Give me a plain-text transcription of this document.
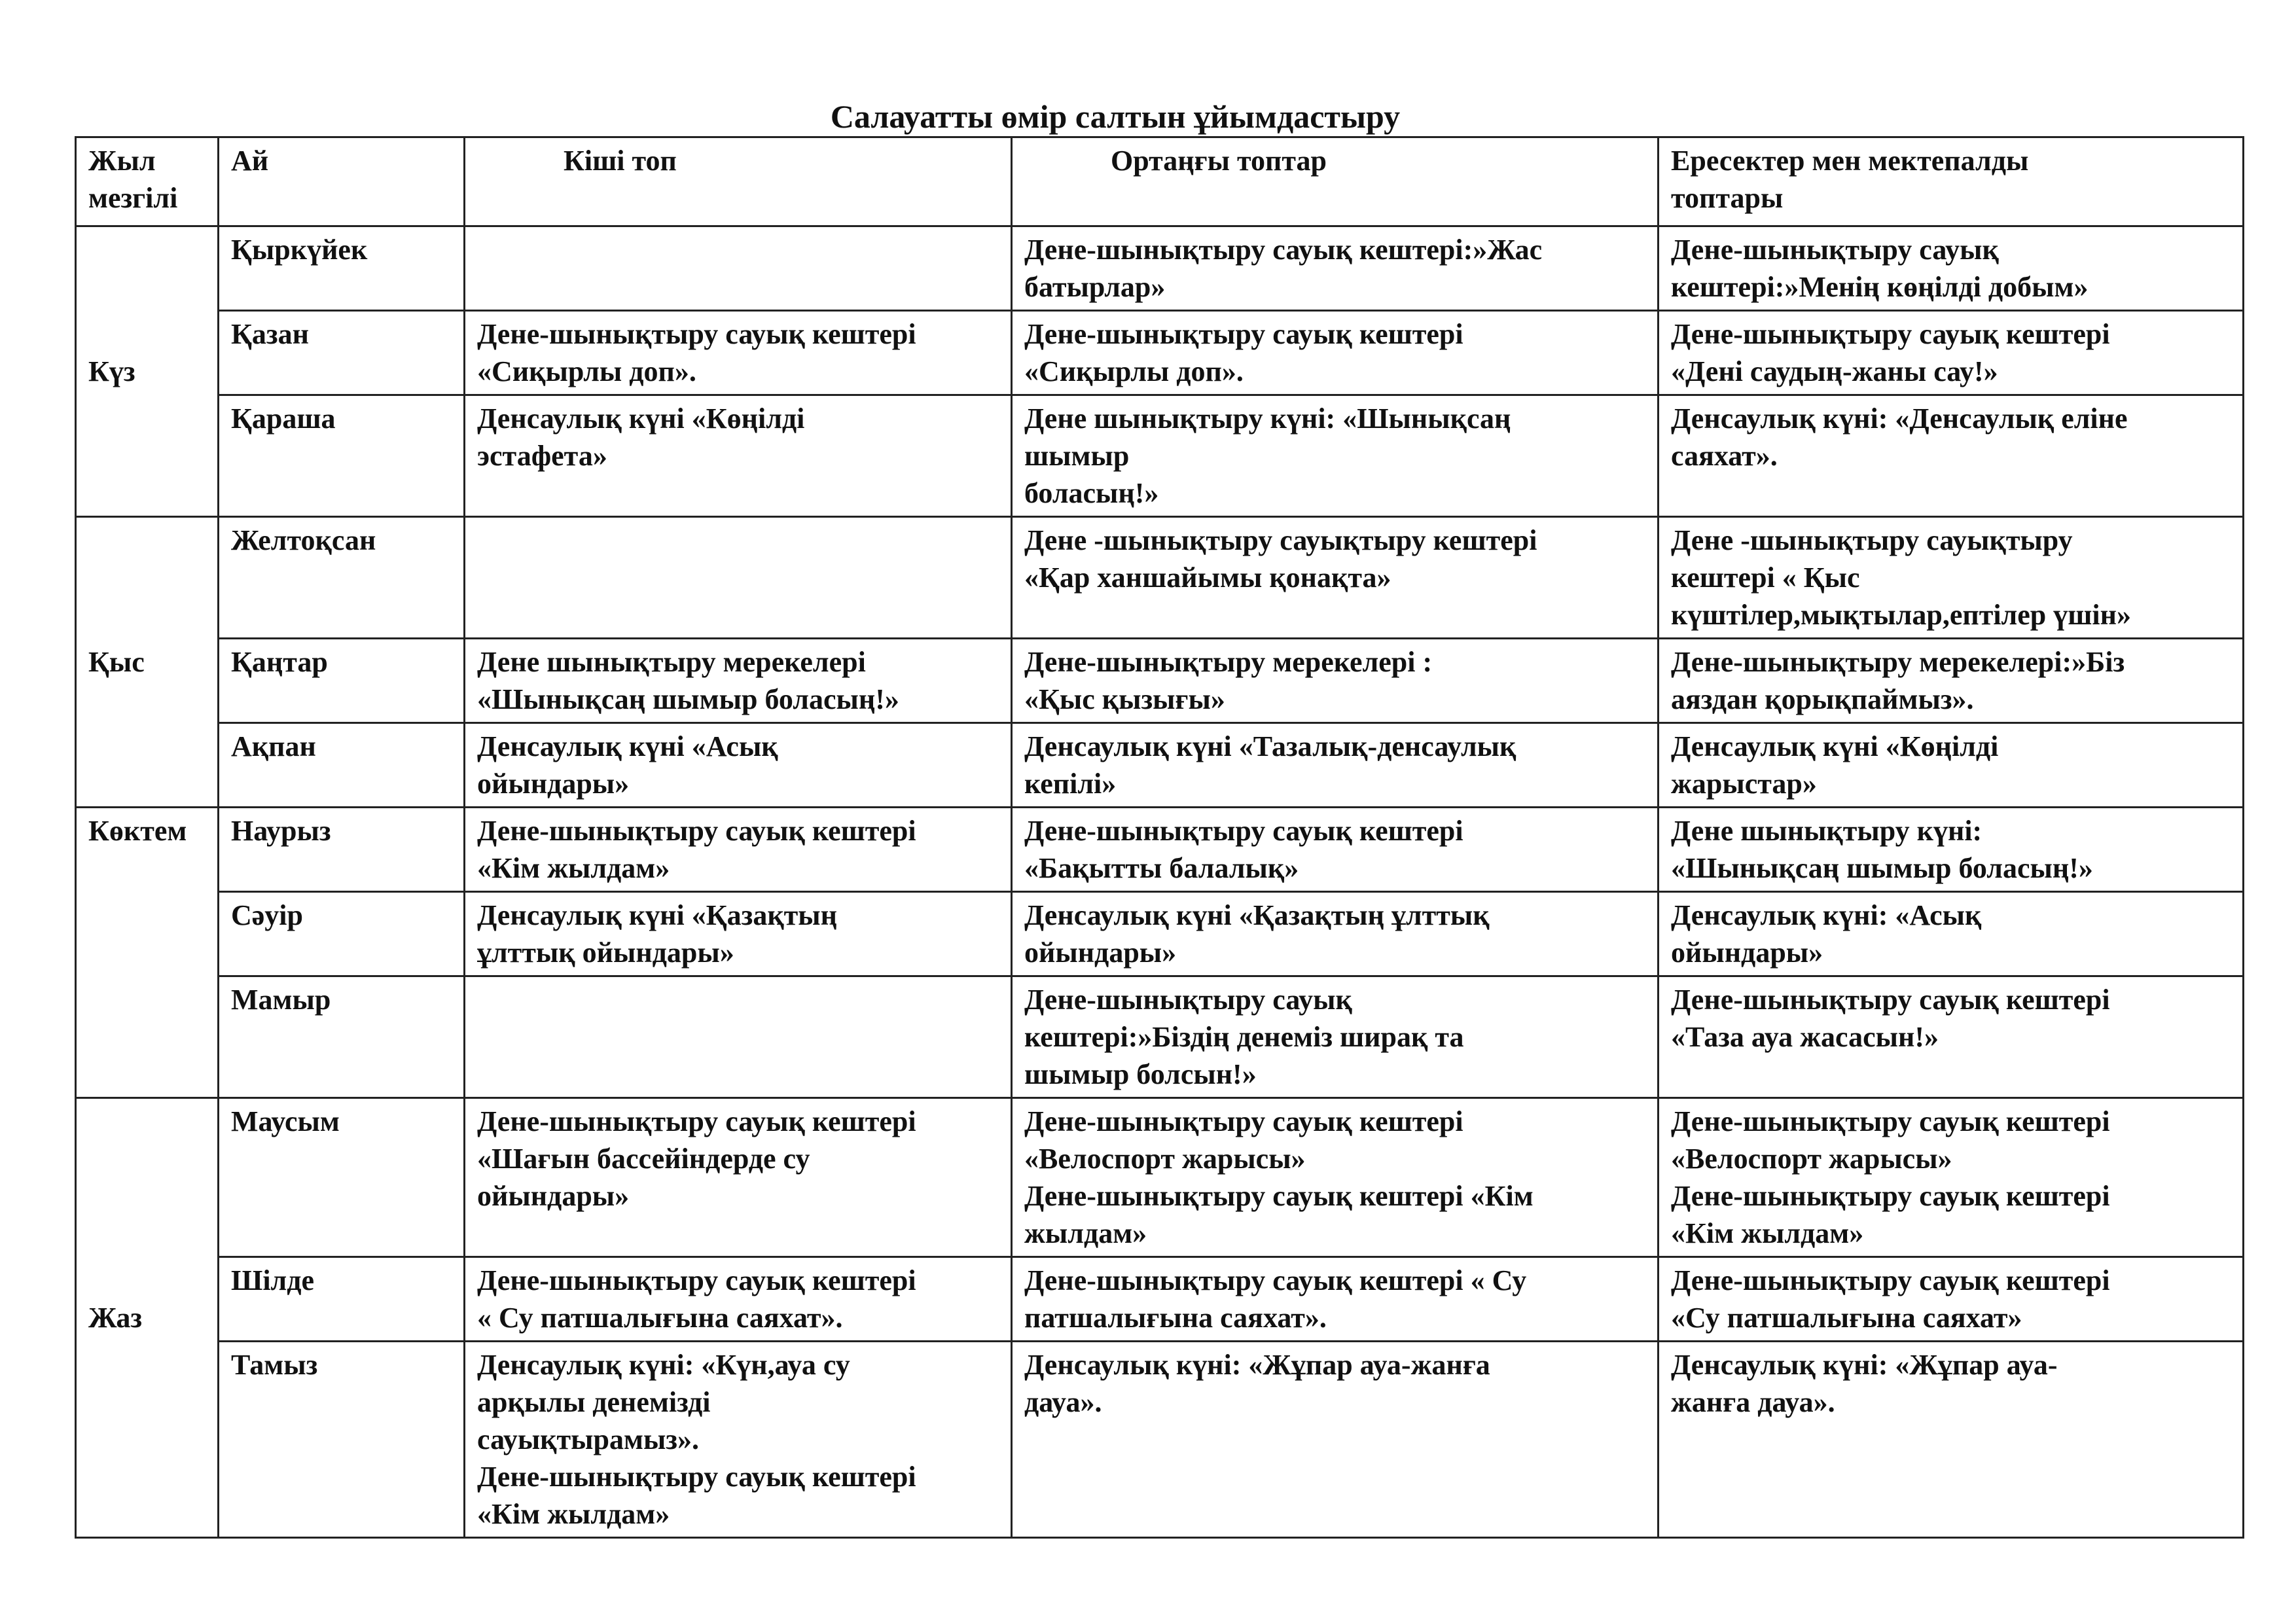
Салауатты өмір салтын ұйымдастыру
Жыл
мезгілі	Ай	Кіші топ	Ортаңғы топтар	Ересектер мен мектепалды
топтары

Күз	Қыркүйек		Дене-шынықтыру сауық кештері:»Жас
батырлар»	Дене-шынықтыру сауық
кештері:»Менің көңілді добым»

	Қазан	Дене-шынықтыру сауық кештері
«Сиқырлы доп».	Дене-шынықтыру сауық кештері
«Сиқырлы доп».	Дене-шынықтыру сауық кештері
«Дені саудың-жаны сау!»

	Қараша	Денсаулық күні «Көңілді
эстафета»	Дене шынықтыру күні: «Шынықсаң
шымыр
боласың!»	Денсаулық күні: «Денсаулық еліне
саяхат».

Қыс	Желтоқсан		Дене -шынықтыру сауықтыру кештері
«Қар ханшайымы қонақта»	Дене -шынықтыру сауықтыру
кештері « Қыс
күштілер,мықтылар,ептілер үшін»

	Қаңтар	Дене шынықтыру мерекелері
«Шынықсаң шымыр боласың!»	Дене-шынықтыру мерекелері :
«Қыс қызығы»	Дене-шынықтыру мерекелері:»Біз
аяздан қорықпаймыз».

	Ақпан	Денсаулық күні «Асық
ойындары»	Денсаулық күні «Тазалық-денсаулық
кепілі»	Денсаулық күні «Көңілді
жарыстар»

Көктем	Наурыз	Дене-шынықтыру сауық кештері
«Кім жылдам»	Дене-шынықтыру сауық кештері
«Бақытты балалық»	Дене шынықтыру күні:
«Шынықсаң шымыр боласың!»

	Сәуір	Денсаулық күні «Қазақтың
ұлттық ойындары»	Денсаулық күні «Қазақтың ұлттық
ойындары»	Денсаулық күні: «Асық
ойындары»

	Мамыр		Дене-шынықтыру сауық
кештері:»Біздің денеміз ширақ та
шымыр болсын!»	Дене-шынықтыру сауық кештері
«Таза ауа жасасын!»

Жаз	Маусым	Дене-шынықтыру сауық кештері
«Шағын бассейіндерде су
ойындары»	Дене-шынықтыру сауық кештері
«Велоспорт жарысы»
Дене-шынықтыру сауық кештері «Кім
жылдам»	Дене-шынықтыру сауық кештері
«Велоспорт жарысы»
Дене-шынықтыру сауық кештері
«Кім жылдам»

	Шілде	Дене-шынықтыру сауық кештері
« Су патшалығына саяхат».	Дене-шынықтыру сауық кештері « Су
патшалығына саяхат».	Дене-шынықтыру сауық кештері
«Су патшалығына саяхат»

	Тамыз	Денсаулық күні: «Күн,ауа су
арқылы денемізді
сауықтырамыз».
Дене-шынықтыру сауық кештері
«Кім жылдам»	Денсаулық күні: «Жұпар ауа-жанға
дауа».	Денсаулық күні: «Жұпар ауа-
жанға дауа».
